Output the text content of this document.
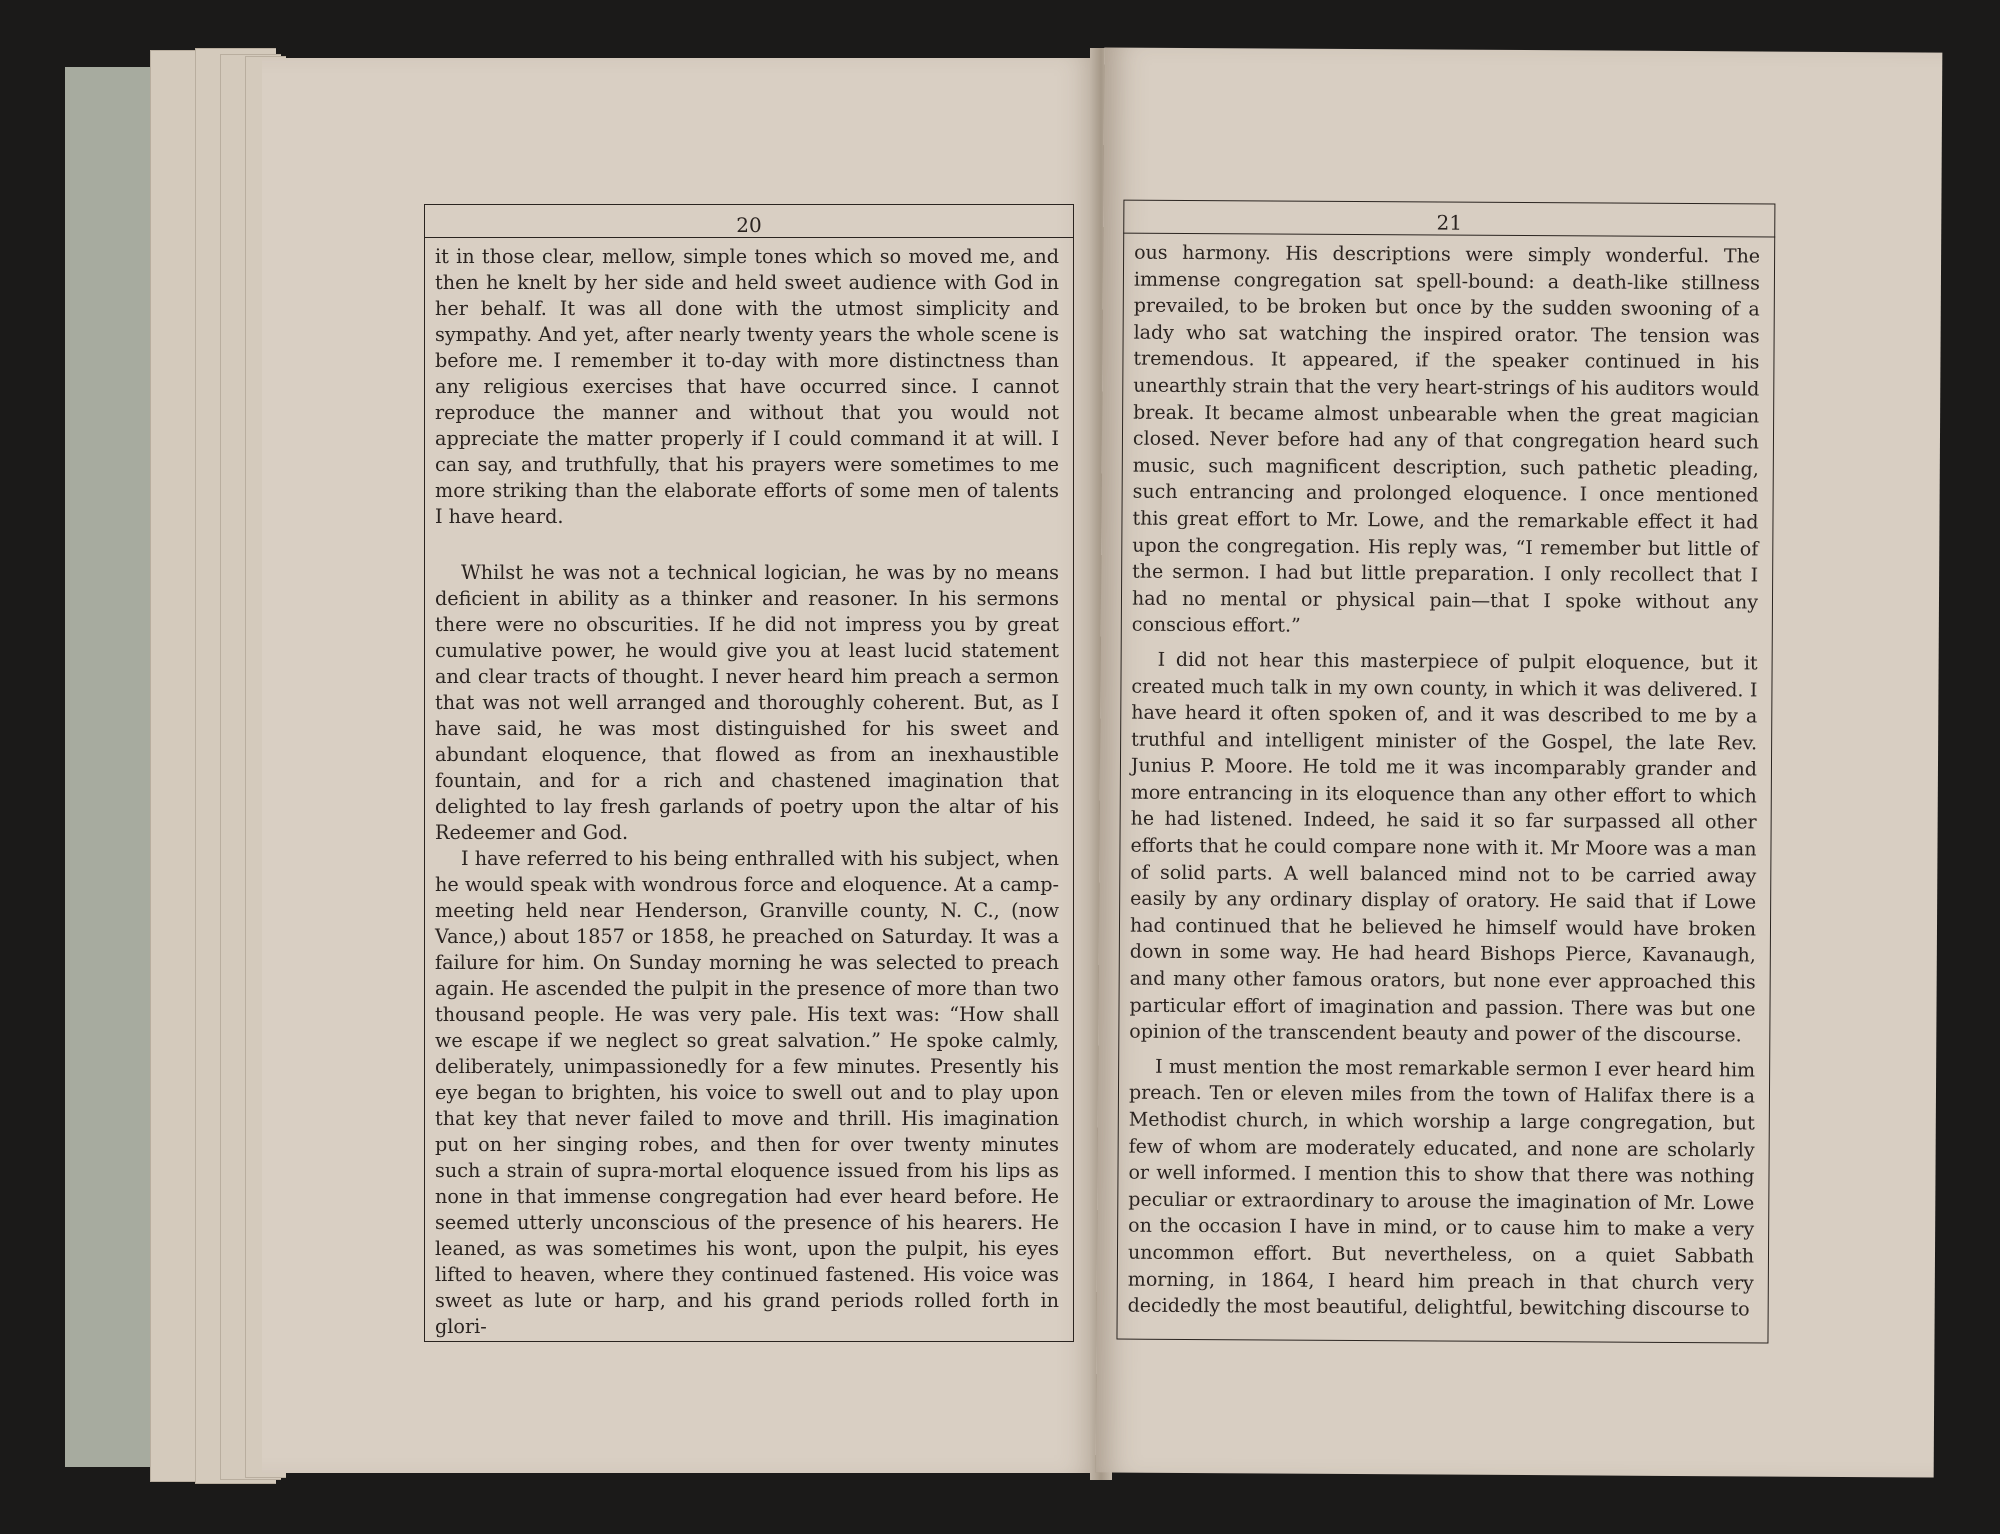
20

it in those clear, mellow, simple tones which so moved me, and then he knelt by her side and held sweet audience with God in her behalf. It was all done with the utmost simplicity and sympathy. And yet, after nearly twenty years the whole scene is before me. I remember it to-day with more distinctness than any religious exercises that have occurred since. I cannot reproduce the manner and without that you would not appreciate the matter properly if I could command it at will. I can say, and truthfully, that his prayers were sometimes to me more striking than the elaborate efforts of some men of talents I have heard.

Whilst he was not a technical logician, he was by no means deficient in ability as a thinker and reasoner. In his sermons there were no obscurities. If he did not impress you by great cumulative power, he would give you at least lucid statement and clear tracts of thought. I never heard him preach a sermon that was not well arranged and thoroughly coherent. But, as I have said, he was most distinguished for his sweet and abundant eloquence, that flowed as from an inexhaustible fountain, and for a rich and chastened imagination that delighted to lay fresh garlands of poetry upon the altar of his Redeemer and God.

I have referred to his being enthralled with his subject, when he would speak with wondrous force and eloquence. At a camp-meeting held near Henderson, Granville county, N. C., (now Vance,) about 1857 or 1858, he preached on Saturday. It was a failure for him. On Sunday morning he was selected to preach again. He ascended the pulpit in the presence of more than two thousand people. He was very pale. His text was: “How shall we escape if we neglect so great salvation.” He spoke calmly, deliberately, unimpassionedly for a few minutes. Presently his eye began to brighten, his voice to swell out and to play upon that key that never failed to move and thrill. His imagination put on her singing robes, and then for over twenty minutes such a strain of supra-mortal eloquence issued from his lips as none in that immense congregation had ever heard before. He seemed utterly unconscious of the presence of his hearers. He leaned, as was sometimes his wont, upon the pulpit, his eyes lifted to heaven, where they continued fastened. His voice was sweet as lute or harp, and his grand periods rolled forth in glori-

21

ous harmony. His descriptions were simply wonderful. The immense congregation sat spell-bound: a death-like stillness prevailed, to be broken but once by the sudden swooning of a lady who sat watching the inspired orator. The tension was tremendous. It appeared, if the speaker continued in his unearthly strain that the very heart-strings of his auditors would break. It became almost unbearable when the great magician closed. Never before had any of that congregation heard such music, such magnificent description, such pathetic pleading, such entrancing and prolonged eloquence. I once mentioned this great effort to Mr. Lowe, and the remarkable effect it had upon the congregation. His reply was, “I remember but little of the sermon. I had but little preparation. I only recollect that I had no mental or physical pain—that I spoke without any conscious effort.”

I did not hear this masterpiece of pulpit eloquence, but it created much talk in my own county, in which it was delivered. I have heard it often spoken of, and it was described to me by a truthful and intelligent minister of the Gospel, the late Rev. Junius P. Moore. He told me it was incomparably grander and more entrancing in its eloquence than any other effort to which he had listened. Indeed, he said it so far surpassed all other efforts that he could compare none with it. Mr Moore was a man of solid parts. A well balanced mind not to be carried away easily by any ordinary display of oratory. He said that if Lowe had continued that he believed he himself would have broken down in some way. He had heard Bishops Pierce, Kavanaugh, and many other famous orators, but none ever approached this particular effort of imagination and passion. There was but one opinion of the transcendent beauty and power of the discourse.

I must mention the most remarkable sermon I ever heard him preach. Ten or eleven miles from the town of Halifax there is a Methodist church, in which worship a large congregation, but few of whom are moderately educated, and none are scholarly or well informed. I mention this to show that there was nothing peculiar or extraordinary to arouse the imagination of Mr. Lowe on the occasion I have in mind, or to cause him to make a very uncommon effort. But nevertheless, on a quiet Sabbath morning, in 1864, I heard him preach in that church very decidedly the most beautiful, delightful, bewitching discourse to
